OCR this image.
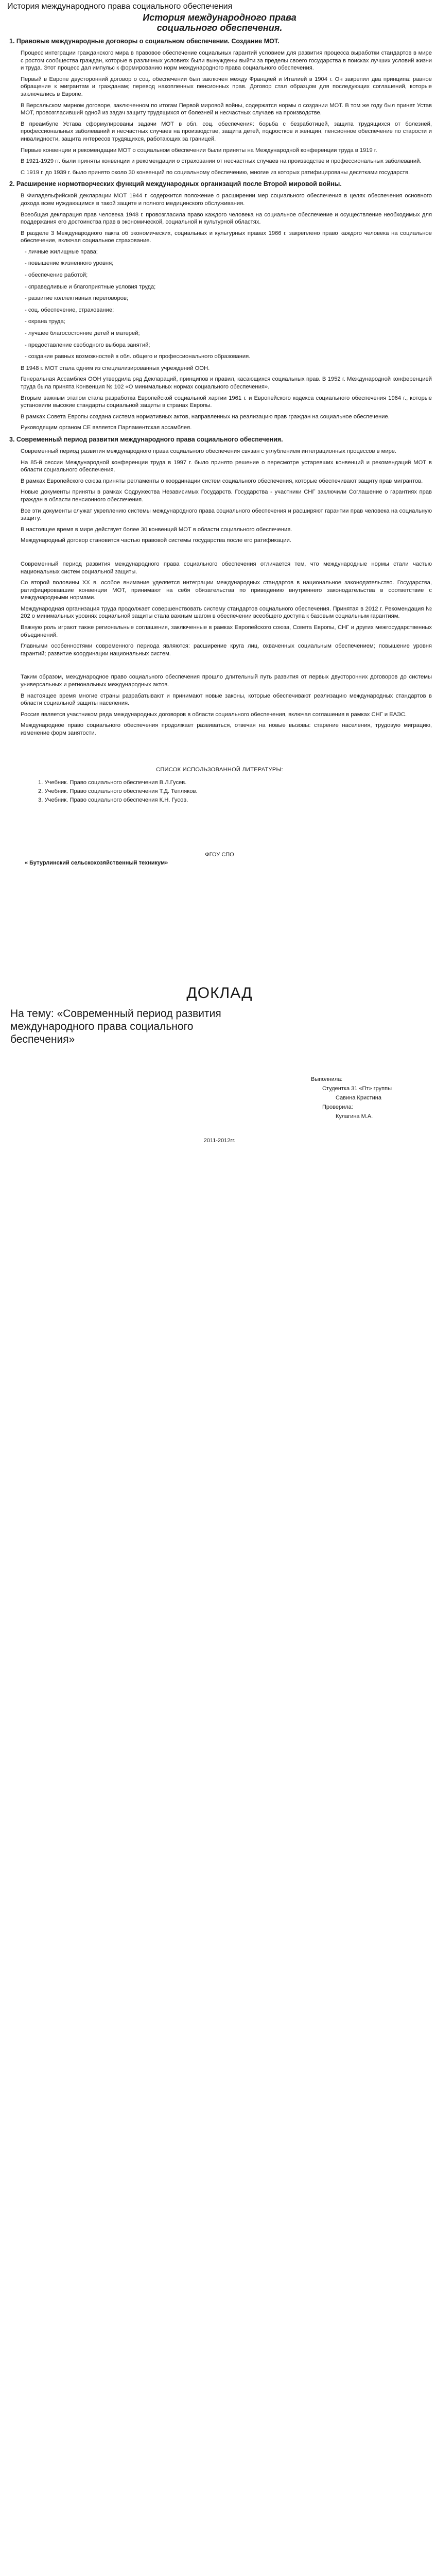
История международного права социального обеспечения
История международного права
социального обеспечения.
1. Правовые международные договоры о социальном обеспечении. Создание МОТ.
Процесс интеграции гражданского мира в правовое обеспечение социальных гарантий условием для развития процесса выработки стандартов в мире с ростом сообщества граждан, которые в различных условиях были вынуждены выйти за пределы своего государства в поисках лучших условий жизни и труда. Этот процесс дал импульс к формированию норм международного права социального обеспечения.
Первый в Европе двусторонний договор о соц. обеспечении был заключен между Францией и Италией в 1904 г. Он закрепил два принципа: равное обращение к мигрантам и гражданам; перевод накопленных пенсионных прав. Договор стал образцом для последующих соглашений, которые заключались в Европе.
В Версальском мирном договоре, заключенном по итогам Первой мировой войны, содержатся нормы о создании МОТ. В том же году был принят Устав МОТ, провозгласивший одной из задач защиту трудящихся от болезней и несчастных случаев на производстве.
В преамбуле Устава сформулированы задачи МОТ в обл. соц. обеспечения: борьба с безработицей, защита трудящихся от болезней, профессиональных заболеваний и несчастных случаев на производстве, защита детей, подростков и женщин, пенсионное обеспечение по старости и инвалидности, защита интересов трудящихся, работающих за границей.
Первые конвенции и рекомендации МОТ о социальном обеспечении были приняты на Международной конференции труда в 1919 г.
В 1921-1929 гг. были приняты конвенции и рекомендации о страховании от несчастных случаев на производстве и профессиональных заболеваний.
С 1919 г. до 1939 г. было принято около 30 конвенций по социальному обеспечению, многие из которых ратифицированы десятками государств.
2. Расширение нормотворческих функций международных организаций после Второй мировой войны.
В Филадельфийской декларации МОТ 1944 г. содержится положение о расширении мер социального обеспечения в целях обеспечения основного дохода всем нуждающимся в такой защите и полного медицинского обслуживания.
Всеобщая декларация прав человека 1948 г. провозгласила право каждого человека на социальное обеспечение и осуществление необходимых для поддержания его достоинства прав в экономической, социальной и культурной областях.
В разделе 3 Международного пакта об экономических, социальных и культурных правах 1966 г. закреплено право каждого человека на социальное обеспечение, включая социальное страхование.
- личные жилищные права;
- повышение жизненного уровня;
- обеспечение работой;
- справедливые и благоприятные условия труда;
- развитие коллективных переговоров;
- соц. обеспечение, страхование;
- охрана труда;
- лучшее благосостояние детей и матерей;
- предоставление свободного выбора занятий;
- создание равных возможностей в обл. общего и профессионального образования.
В 1948 г. МОТ стала одним из специализированных учреждений ООН.
Генеральная Ассамблея ООН утвердила ряд Деклараций, принципов и правил, касающихся социальных прав. В 1952 г. Международной конференцией труда была принята Конвенция № 102 «О минимальных нормах социального обеспечения».
Вторым важным этапом стала разработка Европейской социальной хартии 1961 г. и Европейского кодекса социального обеспечения 1964 г., которые установили высокие стандарты социальной защиты в странах Европы.
В рамках Совета Европы создана система нормативных актов, направленных на реализацию прав граждан на социальное обеспечение.
Руководящим органом СЕ является Парламентская ассамблея.
3. Современный период развития международного права социального обеспечения.
Современный период развития международного права социального обеспечения связан с углублением интеграционных процессов в мире.
На 85-й сессии Международной конференции труда в 1997 г. было принято решение о пересмотре устаревших конвенций и рекомендаций МОТ в области социального обеспечения.
В рамках Европейского союза приняты регламенты о координации систем социального обеспечения, которые обеспечивают защиту прав мигрантов.
Новые документы приняты в рамках Содружества Независимых Государств. Государства - участники СНГ заключили Соглашение о гарантиях прав граждан в области пенсионного обеспечения.
Все эти документы служат укреплению системы международного права социального обеспечения и расширяют гарантии прав человека на социальную защиту.
В настоящее время в мире действует более 30 конвенций МОТ в области социального обеспечения.
Международный договор становится частью правовой системы государства после его ратификации.
Современный период развития международного права социального обеспечения отличается тем, что международные нормы стали частью национальных систем социальной защиты.
Со второй половины XX в. особое внимание уделяется интеграции международных стандартов в национальное законодательство. Государства, ратифицировавшие конвенции МОТ, принимают на себя обязательства по приведению внутреннего законодательства в соответствие с международными нормами.
Международная организация труда продолжает совершенствовать систему стандартов социального обеспечения. Принятая в 2012 г. Рекомендация № 202 о минимальных уровнях социальной защиты стала важным шагом в обеспечении всеобщего доступа к базовым социальным гарантиям.
Важную роль играют также региональные соглашения, заключенные в рамках Европейского союза, Совета Европы, СНГ и других межгосударственных объединений.
Главными особенностями современного периода являются: расширение круга лиц, охваченных социальным обеспечением; повышение уровня гарантий; развитие координации национальных систем.
Таким образом, международное право социального обеспечения прошло длительный путь развития от первых двусторонних договоров до системы универсальных и региональных международных актов.
В настоящее время многие страны разрабатывают и принимают новые законы, которые обеспечивают реализацию международных стандартов в области социальной защиты населения.
Россия является участником ряда международных договоров в области социального обеспечения, включая соглашения в рамках СНГ и ЕАЭС.
Международное право социального обеспечения продолжает развиваться, отвечая на новые вызовы: старение населения, трудовую миграцию, изменение форм занятости.
СПИСОК ИСПОЛЬЗОВАННОЙ ЛИТЕРАТУРЫ:
1. Учебник. Право социального обеспечения В.Л.Гусев.
2. Учебник. Право социального обеспечения Т.Д. Тепляков.
3. Учебник. Право социального обеспечения К.Н. Гусов.
ФГОУ СПО
« Бутурлинский сельскохозяйственный техникум»
ДОКЛАД
На тему: «Современный период развития
международного права социального
беспечения»
Выполнила:
Студентка 31 «Пт» группы
Савина Кристина
Проверила:
Кулагина М.А.
2011-2012гг.
